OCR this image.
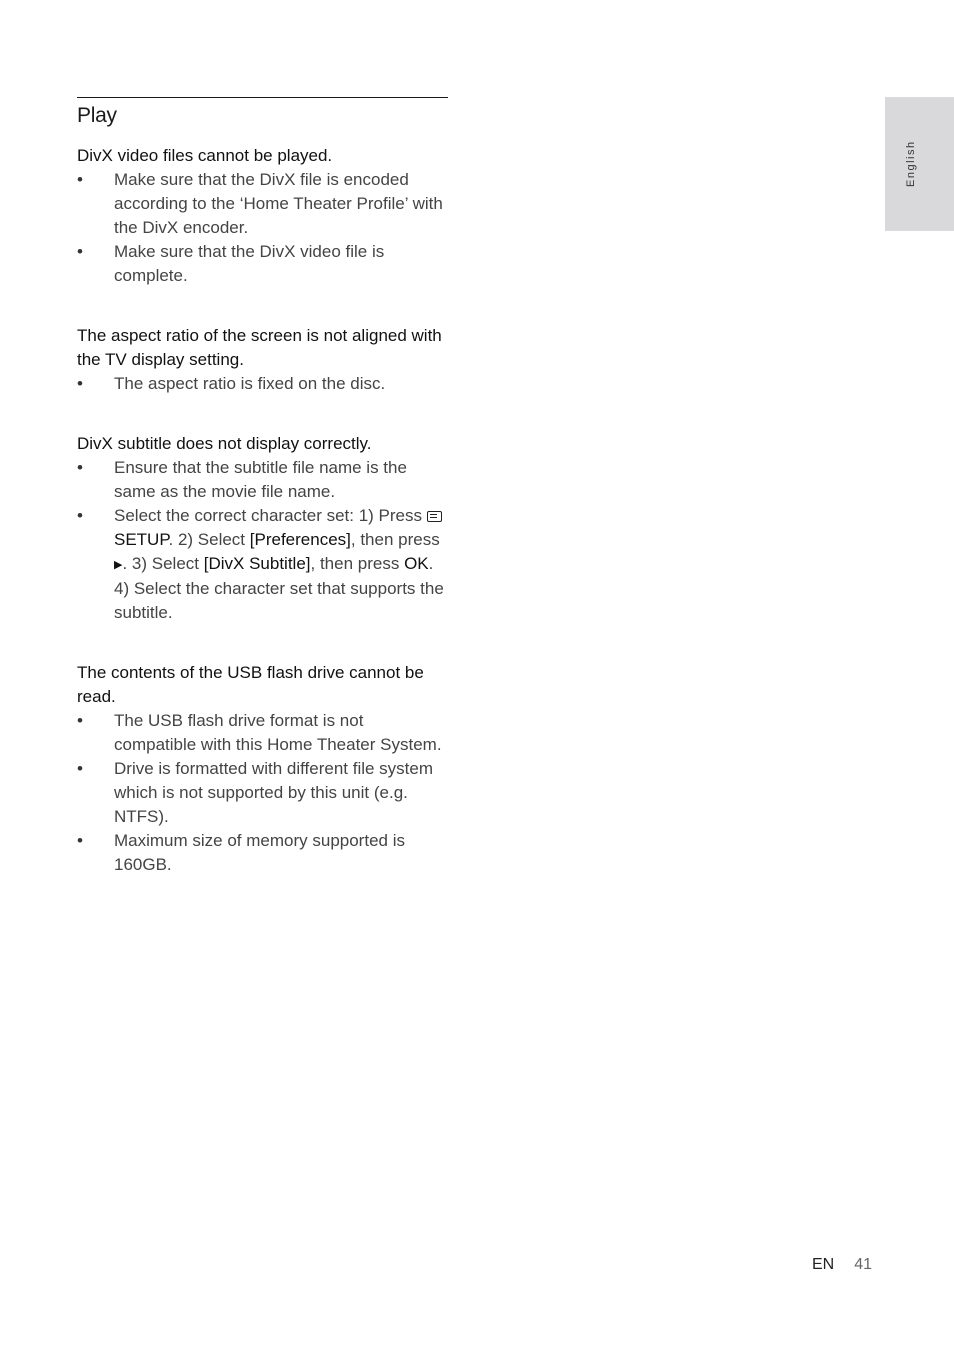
Play

DivX video files cannot be played.

• Make sure that the DivX file is encoded according to the ‘Home Theater Profile’ with the DivX encoder.
• Make sure that the DivX video file is complete.

The aspect ratio of the screen is not aligned with the TV display setting.

• The aspect ratio is fixed on the disc.

DivX subtitle does not display correctly.

• Ensure that the subtitle file name is the same as the movie file name.
• Select the correct character set: 1) Press SETUP. 2) Select [Preferences], then press ▶. 3) Select [DivX Subtitle], then press OK. 4) Select the character set that supports the subtitle.

The contents of the USB flash drive cannot be read.

• The USB flash drive format is not compatible with this Home Theater System.
• Drive is formatted with different file system which is not supported by this unit (e.g. NTFS).
• Maximum size of memory supported is 160GB.
English
EN 41
